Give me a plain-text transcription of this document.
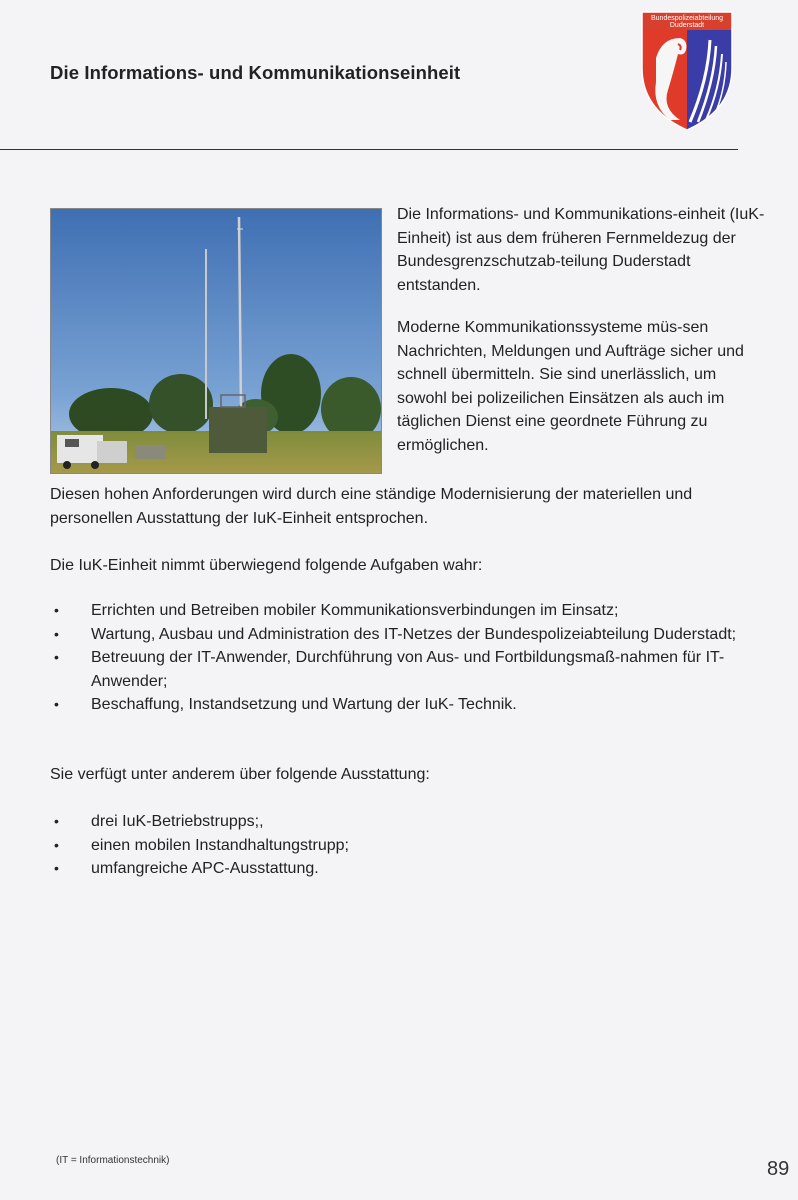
Die Informations- und Kommunikationseinheit
Bundespolizeiabteilung
Duderstadt

Die Informations- und Kommunikations-einheit (IuK-Einheit) ist aus dem früheren Fernmeldezug der Bundesgrenzschutzab-teilung Duderstadt entstanden.

Moderne Kommunikationssysteme müs-sen Nachrichten, Meldungen und Aufträge sicher und schnell übermitteln. Sie sind unerlässlich, um sowohl bei polizeilichen Einsätzen als auch im täglichen Dienst eine geordnete Führung zu ermöglichen.

Diesen hohen Anforderungen wird durch eine ständige Modernisierung der materiellen und personellen Ausstattung der IuK-Einheit entsprochen.

Die IuK-Einheit nimmt überwiegend folgende Aufgaben wahr:

• Errichten und Betreiben mobiler Kommunikationsverbindungen im Einsatz;
• Wartung, Ausbau und Administration des IT-Netzes der Bundespolizeiabteilung Duderstadt;
• Betreuung der IT-Anwender, Durchführung von Aus- und Fortbildungsmaß-nahmen für IT-Anwender;
• Beschaffung, Instandsetzung und Wartung der IuK- Technik.

Sie verfügt unter anderem über folgende Ausstattung:

• drei IuK-Betriebstrupps;,
• einen mobilen Instandhaltungstrupp;
• umfangreiche APC-Ausstattung.
(IT = Informationstechnik)	89
